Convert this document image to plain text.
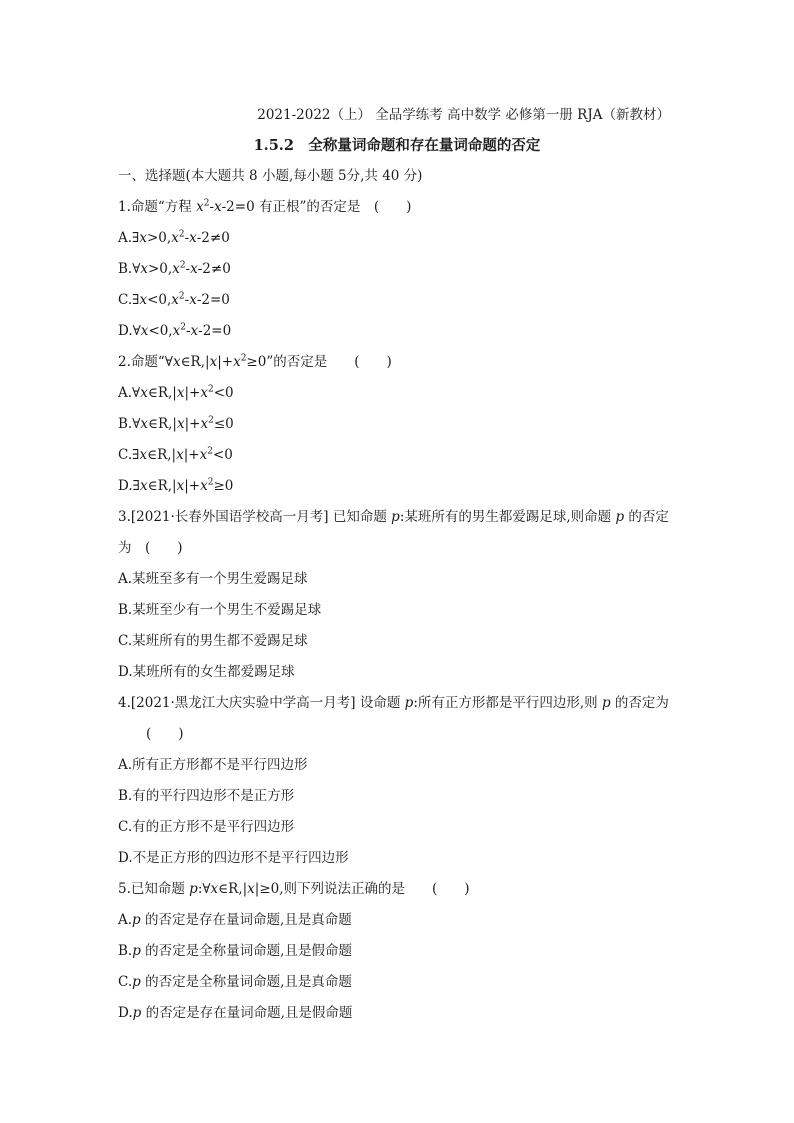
2021-2022（上） 全品学练考 高中数学 必修第一册 RJA（新教材）
1.5.2　全称量词命题和存在量词命题的否定
一、选择题(本大题共 8 小题,每小题 5分,共 40 分)
1.命题“方程 $x^2-x-2=0$ 有正根”的否定是　(　　)
$A.\exists x>0,x^2-x-2\ne 0$
$B.\forall x>0,x^2-x-2\ne 0$
$C.\exists x<0,x^2-x-2=0$
$D.\forall x<0,x^2-x-2=0$
2.命题“$\forall x\in R,|x|+x^2\ge 0$”的否定是　　(　　)
$A.\forall x\in R,|x|+x^2<0$
$B.\forall x\in R,|x|+x^2\le 0$
$C.\exists x\in R,|x|+x^2<0$
$D.\exists x\in R,|x|+x^2\ge 0$
3.[2021·长春外国语学校高一月考] 已知命题 p:某班所有的男生都爱踢足球,则命题 p 的否定
为　(　　)
A.某班至多有一个男生爱踢足球
B.某班至少有一个男生不爱踢足球
C.某班所有的男生都不爱踢足球
D.某班所有的女生都爱踢足球
4.[2021·黑龙江大庆实验中学高一月考] 设命题 p:所有正方形都是平行四边形,则 p 的否定为
(　　)
A.所有正方形都不是平行四边形
B.有的平行四边形不是正方形
C.有的正方形不是平行四边形
D.不是正方形的四边形不是平行四边形
5.已知命题 p:∀x∈R,|x|≥0,则下列说法正确的是　　(　　)
A.p 的否定是存在量词命题,且是真命题
B.p 的否定是全称量词命题,且是假命题
C.p 的否定是全称量词命题,且是真命题
D.p 的否定是存在量词命题,且是假命题
